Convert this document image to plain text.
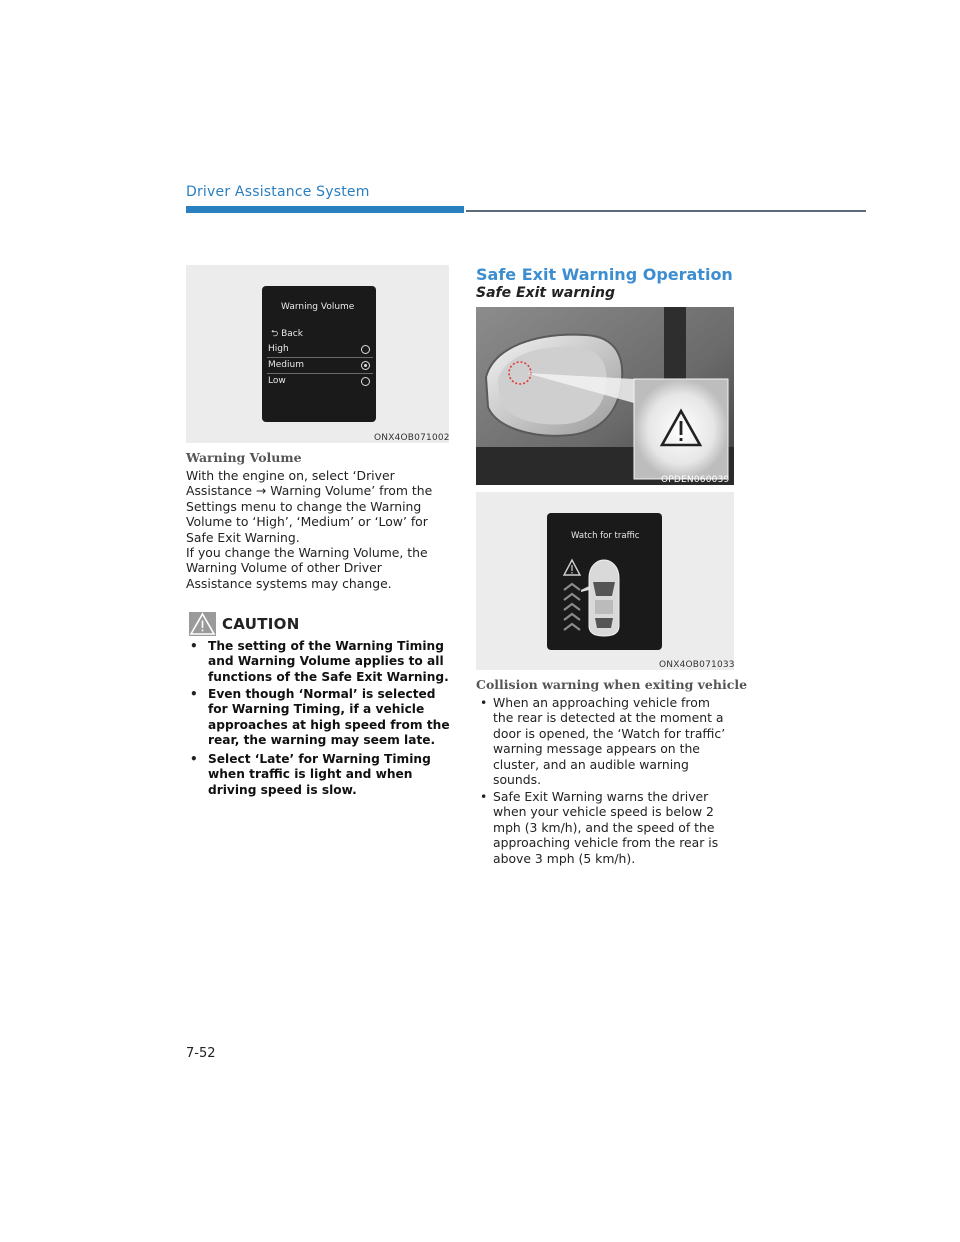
Driver Assistance System
Warning Volume
⮌ Back
High
Medium
Low
ONX4OB071002
Warning Volume
With the engine on, select ‘Driver Assistance → Warning Volume’ from the Settings menu to change the Warning Volume to ‘High’, ‘Medium’ or ‘Low’ for Safe Exit Warning.
If you change the Warning Volume, the Warning Volume of other Driver Assistance systems may change.
CAUTION
• The setting of the Warning Timing and Warning Volume applies to all functions of the Safe Exit Warning.
• Even though ‘Normal’ is selected for Warning Timing, if a vehicle approaches at high speed from the rear, the warning may seem late.
• Select ‘Late’ for Warning Timing when traffic is light and when driving speed is slow.
Safe Exit Warning Operation
Safe Exit warning
OPDEN060039
Watch for traffic
ONX4OB071033
Collision warning when exiting vehicle
• When an approaching vehicle from the rear is detected at the moment a door is opened, the ‘Watch for traffic’ warning message appears on the cluster, and an audible warning sounds.
• Safe Exit Warning warns the driver when your vehicle speed is below 2 mph (3 km/h), and the speed of the approaching vehicle from the rear is above 3 mph (5 km/h).
7-52
